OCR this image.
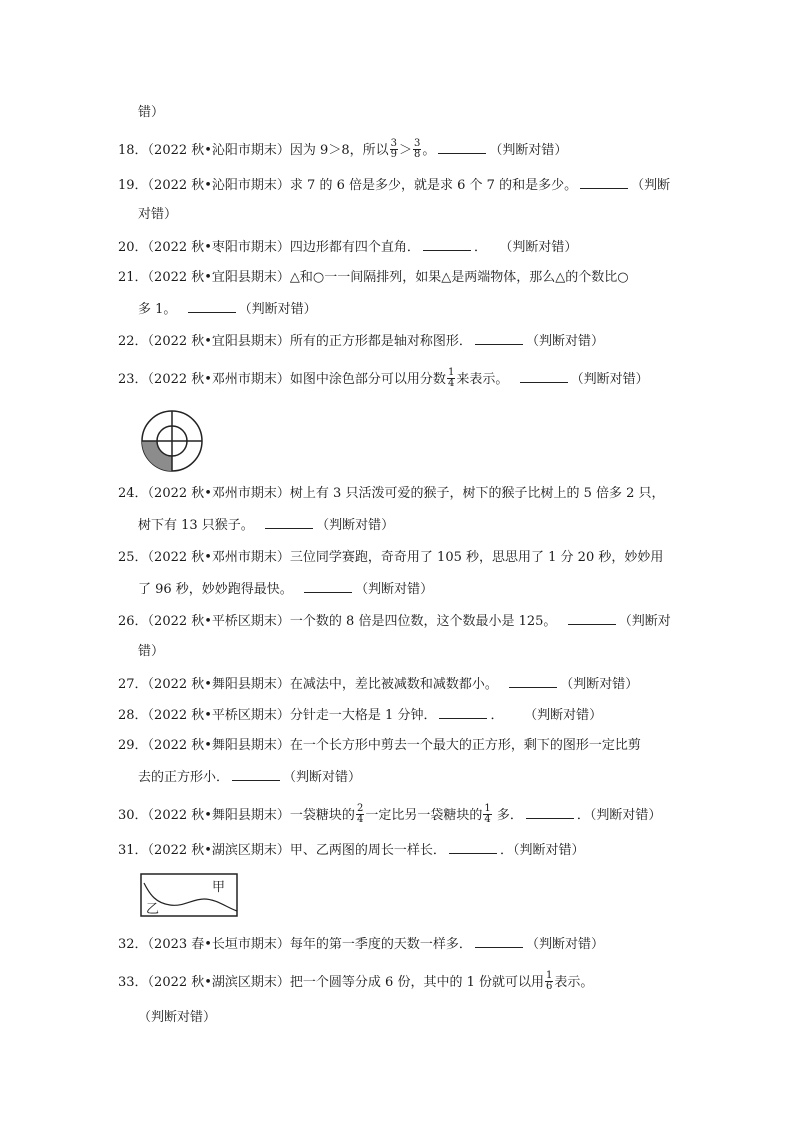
错）
18．（2022 秋•沁阳市期末）因为 9＞8，所以 $\frac{3}{9} > \frac{3}{8}$ 。	（判断对错）
19．（2022 秋•沁阳市期末）求 7 的 6 倍是多少，就是求 6 个 7 的和是多少。	（判断
对错）
20．（2022 秋•枣阳市期末）四边形都有四个直角．	． （判断对错）
21．（2022 秋•宜阳县期末）△和○一一间隔排列，如果△是两端物体，那么△的个数比○
多 1。	（判断对错）
22．（2022 秋•宜阳县期末）所有的正方形都是轴对称图形．	（判断对错）
23．（2022 秋•邓州市期末）如图中涂色部分可以用分数 $\frac{1}{4}$ 来表示。	（判断对错）
24．（2022 秋•邓州市期末）树上有 3 只活泼可爱的猴子，树下的猴子比树上的 5 倍多 2 只，
树下有 13 只猴子。	（判断对错）
25．（2022 秋•邓州市期末）三位同学赛跑，奇奇用了 105 秒，思思用了 1 分 20 秒，妙妙用
了 96 秒，妙妙跑得最快。	（判断对错）
26．（2022 秋•平桥区期末）一个数的 8 倍是四位数，这个数最小是 125。	（判断对
错）
27．（2022 秋•舞阳县期末）在减法中，差比被减数和减数都小。	（判断对错）
28．（2022 秋•平桥区期末）分针走一大格是 1 分钟．	． （判断对错）
29．（2022 秋•舞阳县期末）在一个长方形中剪去一个最大的正方形，剩下的图形一定比剪
去的正方形小．	（判断对错）
30．（2022 秋•舞阳县期末）一袋糖块的 $\frac{2}{4}$ 一定比另一袋糖块的 $\frac{1}{4}$ 多．	．（判断对错）
31．（2022 秋•湖滨区期末）甲、乙两图的周长一样长．	．（判断对错）
甲
乙
32．（2023 春•长垣市期末）每年的第一季度的天数一样多．	（判断对错）
33．（2022 秋•湖滨区期末）把一个圆等分成 6 份，其中的 1 份就可以用 $\frac{1}{6}$ 表示。
（判断对错）
